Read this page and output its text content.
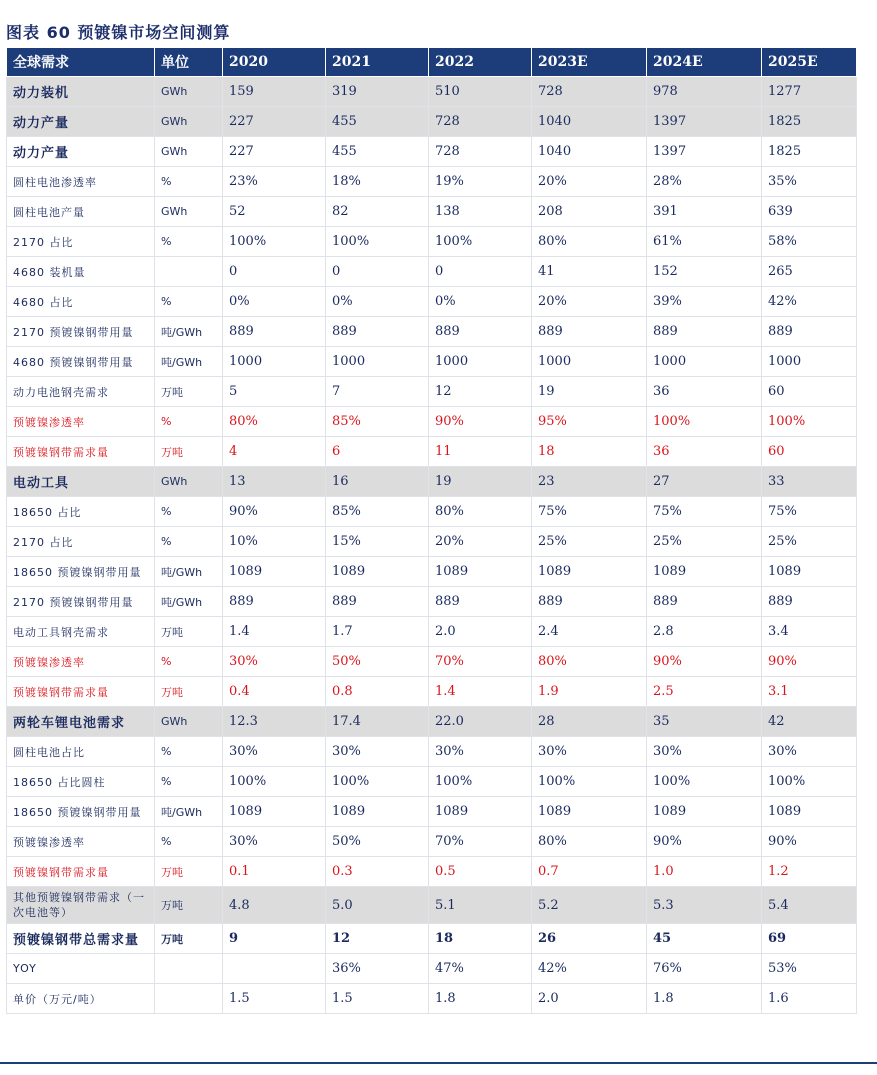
图表 60 预镀镍市场空间测算
全球需求	单位	2020	2021	2022	2023E	2024E	2025E
动力装机	GWh	159	319	510	728	978	1277
动力产量	GWh	227	455	728	1040	1397	1825
动力产量	GWh	227	455	728	1040	1397	1825
圆柱电池渗透率	%	23%	18%	19%	20%	28%	35%
圆柱电池产量	GWh	52	82	138	208	391	639
2170 占比	%	100%	100%	100%	80%	61%	58%
4680 装机量		0	0	0	41	152	265
4680 占比	%	0%	0%	0%	20%	39%	42%
2170 预镀镍钢带用量	吨/GWh	889	889	889	889	889	889
4680 预镀镍钢带用量	吨/GWh	1000	1000	1000	1000	1000	1000
动力电池钢壳需求	万吨	5	7	12	19	36	60
预镀镍渗透率	%	80%	85%	90%	95%	100%	100%
预镀镍钢带需求量	万吨	4	6	11	18	36	60
电动工具	GWh	13	16	19	23	27	33
18650 占比	%	90%	85%	80%	75%	75%	75%
2170 占比	%	10%	15%	20%	25%	25%	25%
18650 预镀镍钢带用量	吨/GWh	1089	1089	1089	1089	1089	1089
2170 预镀镍钢带用量	吨/GWh	889	889	889	889	889	889
电动工具钢壳需求	万吨	1.4	1.7	2.0	2.4	2.8	3.4
预镀镍渗透率	%	30%	50%	70%	80%	90%	90%
预镀镍钢带需求量	万吨	0.4	0.8	1.4	1.9	2.5	3.1
两轮车锂电池需求	GWh	12.3	17.4	22.0	28	35	42
圆柱电池占比	%	30%	30%	30%	30%	30%	30%
18650 占比圆柱	%	100%	100%	100%	100%	100%	100%
18650 预镀镍钢带用量	吨/GWh	1089	1089	1089	1089	1089	1089
预镀镍渗透率	%	30%	50%	70%	80%	90%	90%
预镀镍钢带需求量	万吨	0.1	0.3	0.5	0.7	1.0	1.2
其他预镀镍钢带需求（一次电池等）	万吨	4.8	5.0	5.1	5.2	5.3	5.4
预镀镍钢带总需求量	万吨	9	12	18	26	45	69
YOY			36%	47%	42%	76%	53%
单价（万元/吨）		1.5	1.5	1.8	2.0	1.8	1.6
